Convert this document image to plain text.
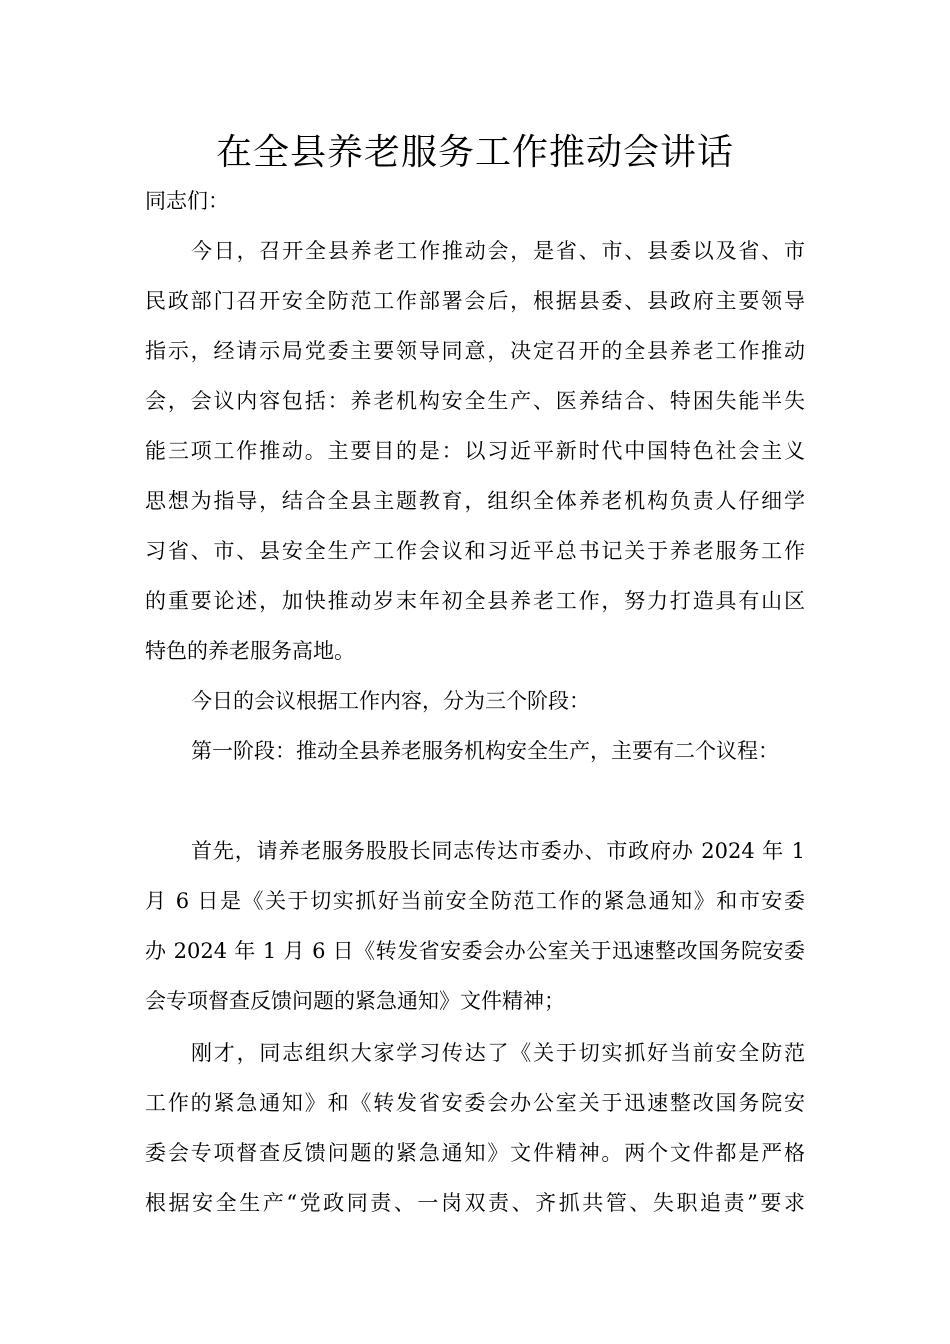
在全县养老服务工作推动会讲话

同志们：

今日，召开全县养老工作推动会，是省、市、县委以及省、市
民政部门召开安全防范工作部署会后，根据县委、县政府主要领导
指示，经请示局党委主要领导同意，决定召开的全县养老工作推动
会，会议内容包括：养老机构安全生产、医养结合、特困失能半失
能三项工作推动。主要目的是：以习近平新时代中国特色社会主义
思想为指导，结合全县主题教育，组织全体养老机构负责人仔细学
习省、市、县安全生产工作会议和习近平总书记关于养老服务工作
的重要论述，加快推动岁末年初全县养老工作，努力打造具有山区
特色的养老服务高地。

今日的会议根据工作内容，分为三个阶段：

第一阶段：推动全县养老服务机构安全生产，主要有二个议程：

首先，请养老服务股股长同志传达市委办、市政府办 2024 年 1
月 6 日是《关于切实抓好当前安全防范工作的紧急通知》和市安委
办 2024 年 1 月 6 日《转发省安委会办公室关于迅速整改国务院安委
会专项督查反馈问题的紧急通知》文件精神；

刚才，同志组织大家学习传达了《关于切实抓好当前安全防范
工作的紧急通知》和《转发省安委会办公室关于迅速整改国务院安
委会专项督查反馈问题的紧急通知》文件精神。两个文件都是严格
根据安全生产“党政同责、一岗双责、齐抓共管、失职追责”要求
